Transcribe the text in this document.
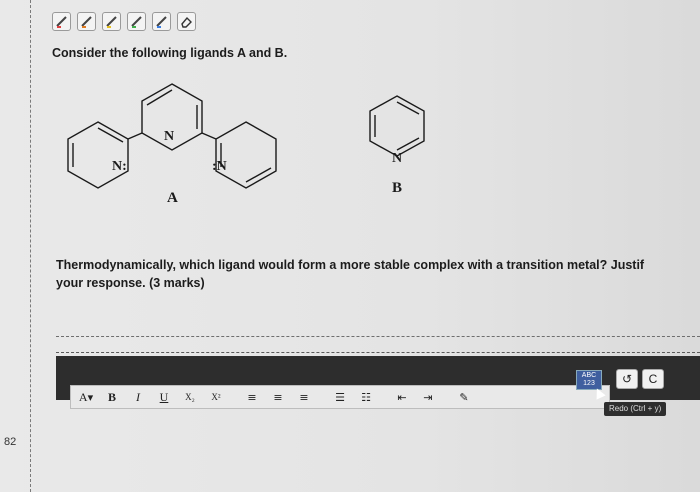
82
Consider the following ligands A and B.
N
N:	:N
N
A
B
Thermodynamically, which ligand would form a more stable complex with a transition metal? Justif
your response. (3 marks)
A ▾	B	I	U	X₂	X²	≡	≡	≡	☰	☷	⇤	⇥	✎
ABC
123 ↺ C
Redo (Ctrl + y)
